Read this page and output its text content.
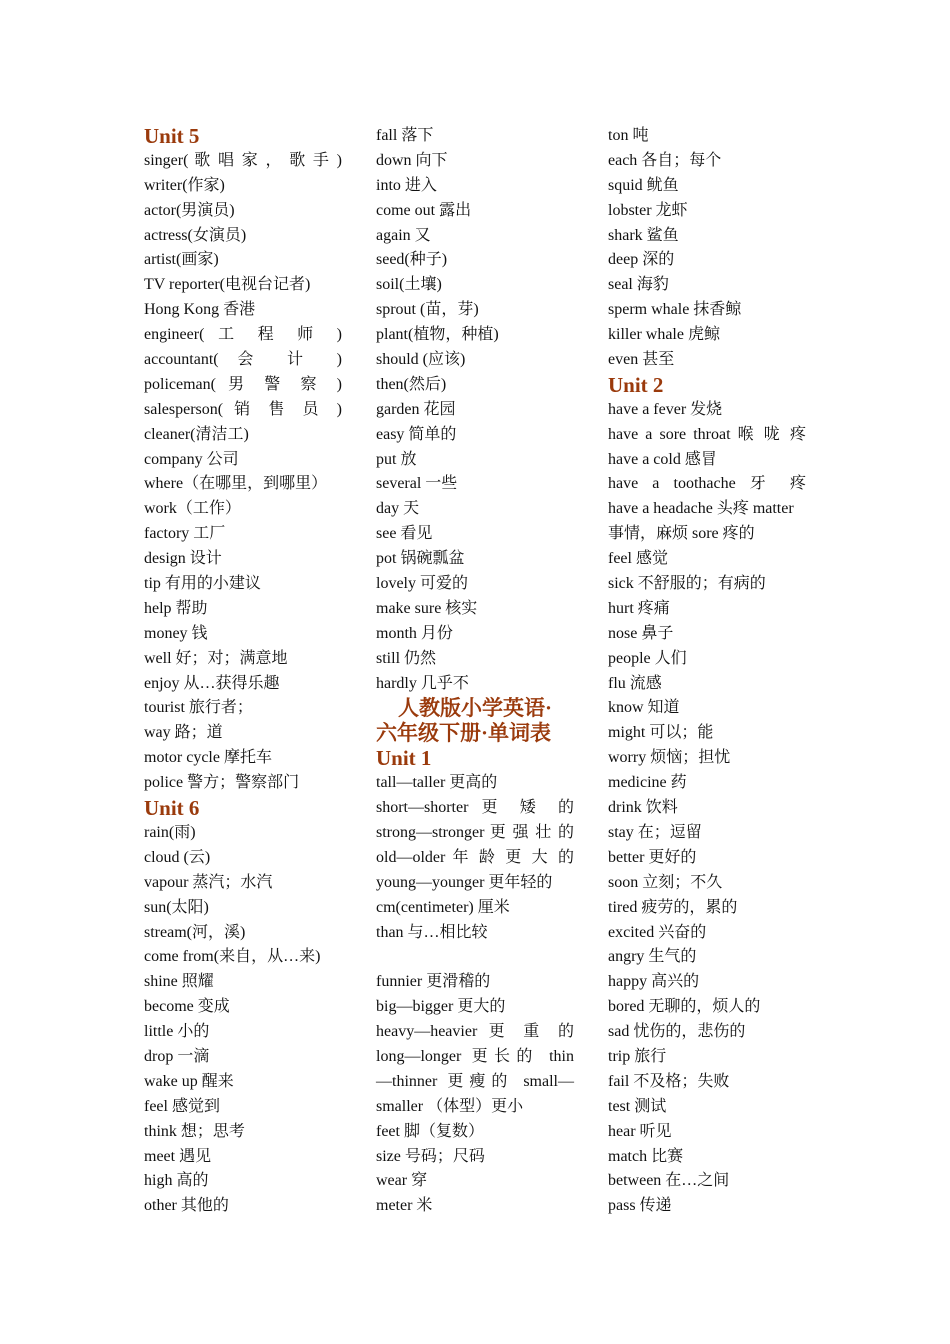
Unit 5
singer( 歌 唱 家 ， 歌 手 )
writer(作家)
actor(男演员)
actress(女演员)
artist(画家)
TV reporter(电视台记者)
Hong Kong 香港
engineer( 工 程 师 )
accountant( 会 计 )
policeman( 男 警 察 )
salesperson( 销 售 员 )
cleaner(清洁工)
company 公司
where（在哪里，到哪里）
work（工作）
factory 工厂
design 设计
tip 有用的小建议
help 帮助
money 钱
well 好；对；满意地
enjoy 从…获得乐趣
tourist 旅行者；
way 路；道
motor cycle 摩托车
police 警方；警察部门
Unit 6
rain(雨)
cloud (云)
vapour 蒸汽；水汽
sun(太阳)
stream(河，溪)
come from(来自，从…来)
shine 照耀
become 变成
little 小的
drop 一滴
wake up 醒来
feel 感觉到
think 想；思考
meet 遇见
high 高的
other 其他的
fall 落下
down 向下
into 进入
come out 露出
again 又
seed(种子)
soil(土壤)
sprout (苗，芽)
plant(植物，种植)
should (应该)
then(然后)
garden 花园
easy 简单的
put 放
several 一些
day 天
see 看见
pot 锅碗瓢盆
lovely 可爱的
make sure 核实
month 月份
still 仍然
hardly 几乎不
人教版小学英语·
六年级下册·单词表
Unit 1
tall—taller 更高的
short—shorter 更 矮 的
strong—stronger 更 强 壮 的
old—older 年 龄 更 大 的
young—younger 更年轻的
cm(centimeter) 厘米
than 与…相比较
funnier 更滑稽的
big—bigger 更大的
heavy—heavier 更 重 的
long—longer 更长的 thin
—thinner 更瘦的 small—
smaller （体型）更小
feet 脚（复数）
size 号码；尺码
wear 穿
meter 米
ton 吨
each 各自；每个
squid 鱿鱼
lobster 龙虾
shark 鲨鱼
deep 深的
seal 海豹
sperm whale 抹香鲸
killer whale 虎鲸
even 甚至
Unit 2
have a fever 发烧
have a sore throat 喉 咙 疼
have a cold 感冒
have a toothache 牙 疼
have a headache 头疼 matter
事情，麻烦 sore 疼的
feel 感觉
sick 不舒服的；有病的
hurt 疼痛
nose 鼻子
people 人们
flu 流感
know 知道
might 可以；能
worry 烦恼；担忧
medicine 药
drink 饮料
stay 在；逗留
better 更好的
soon 立刻；不久
tired 疲劳的，累的
excited 兴奋的
angry 生气的
happy 高兴的
bored 无聊的，烦人的
sad 忧伤的，悲伤的
trip 旅行
fail 不及格；失败
test 测试
hear 听见
match 比赛
between 在…之间
pass 传递
